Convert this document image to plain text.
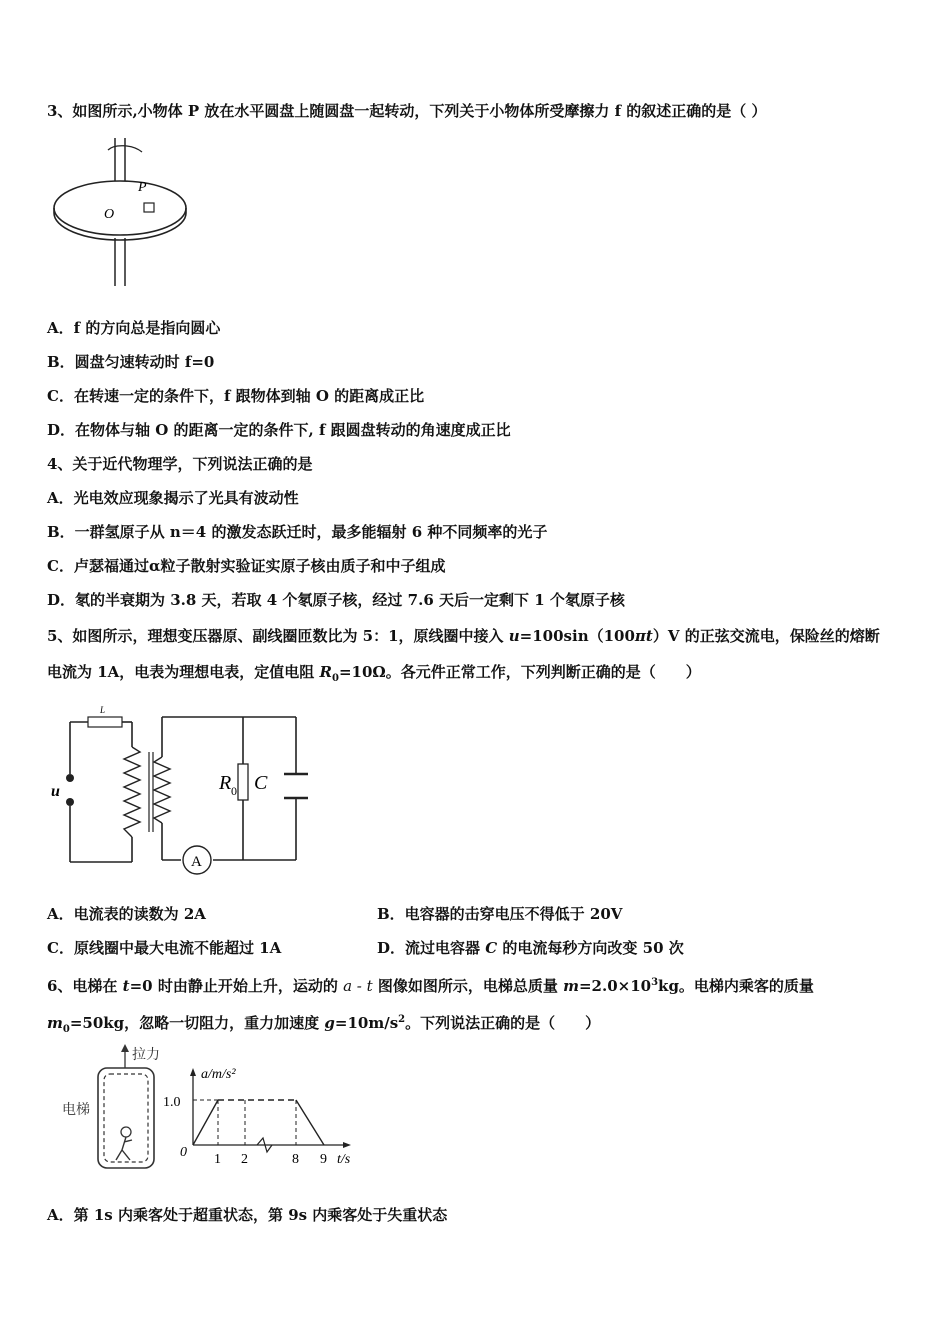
3、如图所示,小物体 P 放在水平圆盘上随圆盘一起转动，下列关于小物体所受摩擦力 f 的叙述正确的是（ ）
P
O
A．f 的方向总是指向圆心
B．圆盘匀速转动时 f=0
C．在转速一定的条件下，f 跟物体到轴 O 的距离成正比
D．在物体与轴 O 的距离一定的条件下, f 跟圆盘转动的角速度成正比
4、关于近代物理学，下列说法正确的是
A．光电效应现象揭示了光具有波动性
B．一群氢原子从 n＝4 的激发态跃迁时，最多能辐射 6 种不同频率的光子
C．卢瑟福通过α粒子散射实验证实原子核由质子和中子组成
D．氡的半衰期为 3.8 天，若取 4 个氡原子核，经过 7.6 天后一定剩下 1 个氡原子核
5、如图所示，理想变压器原、副线圈匝数比为 5：1，原线圈中接入 u=100sin（100πt）V 的正弦交流电，保险丝的熔断
电流为 1A，电表为理想电表，定值电阻 $R_0=10\Omega$。各元件正常工作，下列判断正确的是（　　）
L
u	R 0 C
A
A．电流表的读数为 2A	B．电容器的击穿电压不得低于 20V
C．原线圈中最大电流不能超过 1A	D．流过电容器 C 的电流每秒方向改变 50 次
6、电梯在 t=0 时由静止开始上升，运动的 a - t 图像如图所示，电梯总质量 $m=2.0\times 10^3kg$。电梯内乘客的质量
$m_0=50kg$，忽略一切阻力，重力加速度 $g=10m/s^2$。下列说法正确的是（　　）
拉力
电梯
a/m/s²
t/s
0
1.0
1 2	8 9
A．第 1s 内乘客处于超重状态，第 9s 内乘客处于失重状态
